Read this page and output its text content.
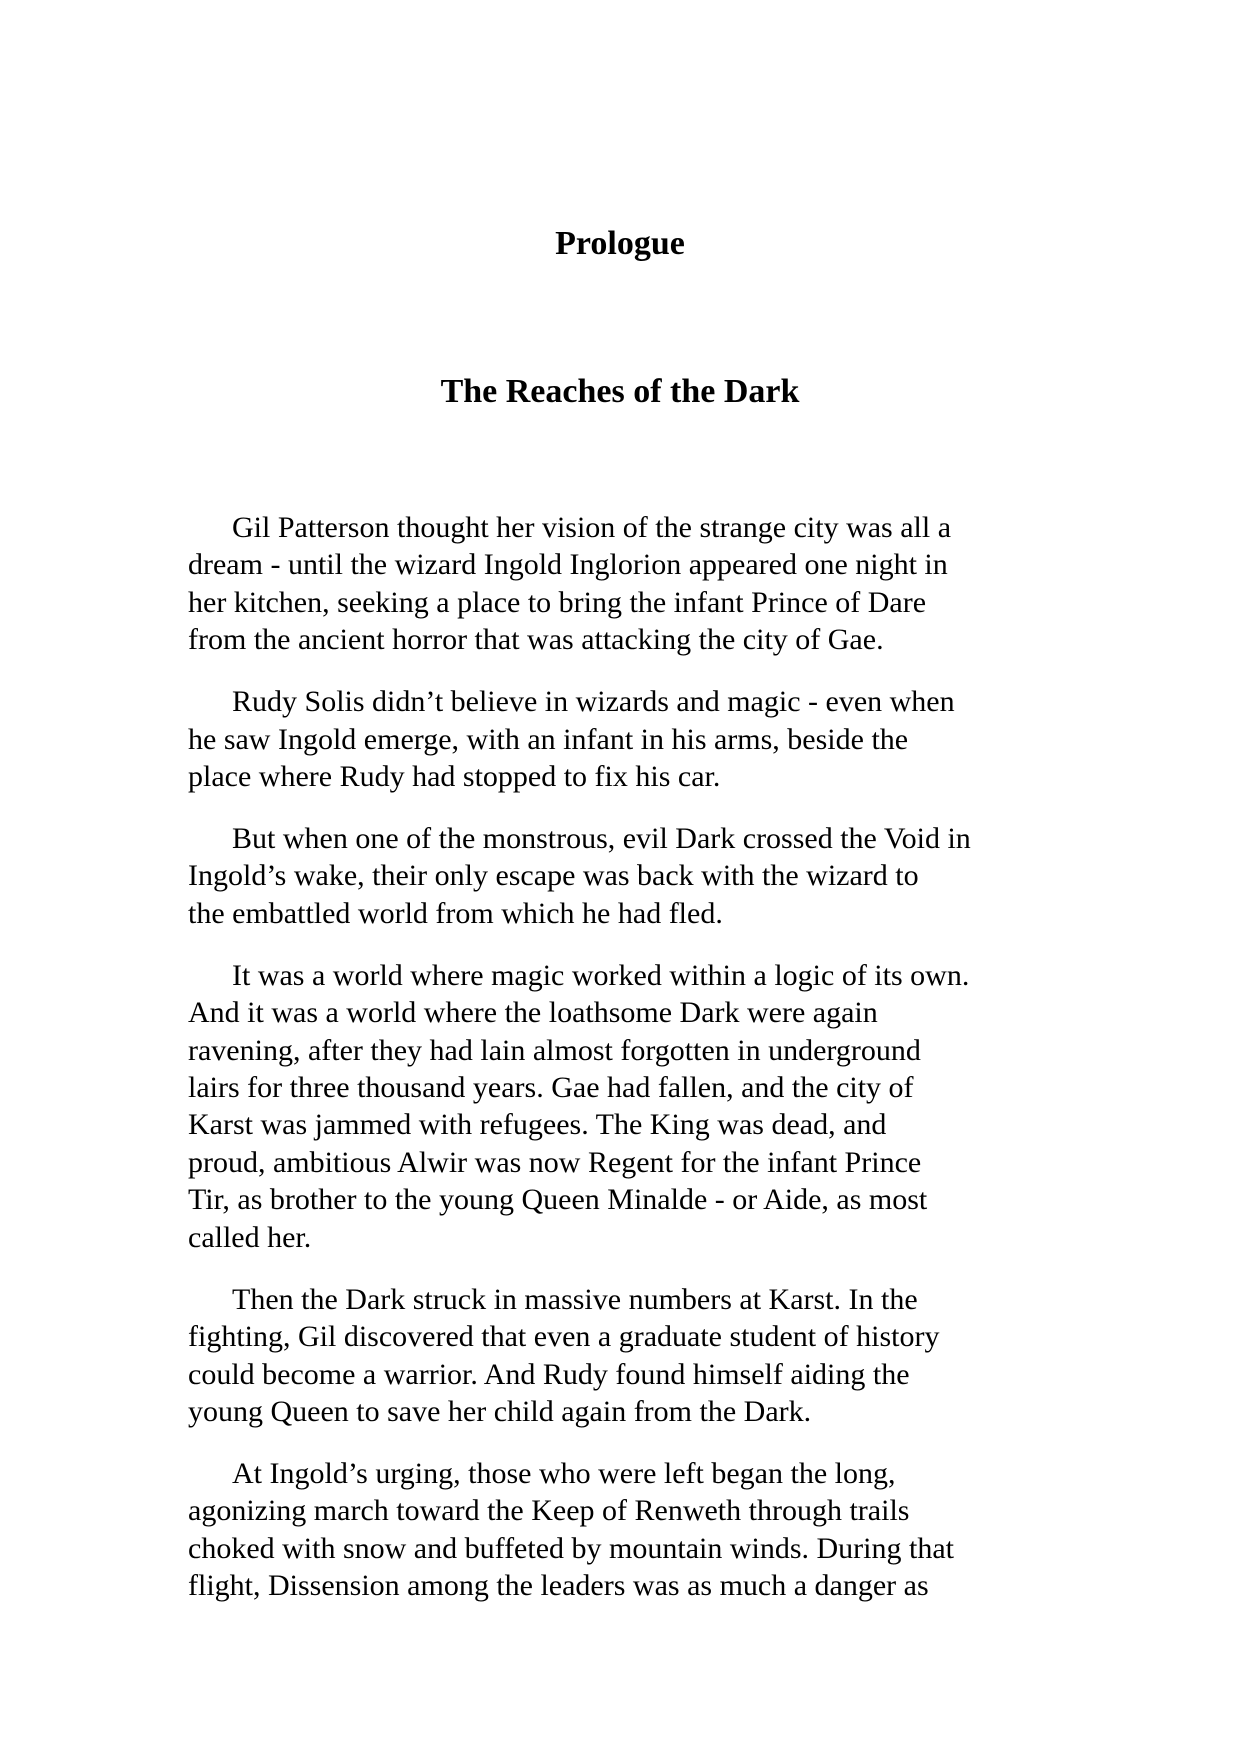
Prologue
The Reaches of the Dark

Gil Patterson thought her vision of the strange city was all a
dream - until the wizard Ingold Inglorion appeared one night in
her kitchen, seeking a place to bring the infant Prince of Dare
from the ancient horror that was attacking the city of Gae.

Rudy Solis didn’t believe in wizards and magic - even when
he saw Ingold emerge, with an infant in his arms, beside the
place where Rudy had stopped to fix his car.

But when one of the monstrous, evil Dark crossed the Void in
Ingold’s wake, their only escape was back with the wizard to
the embattled world from which he had fled.

It was a world where magic worked within a logic of its own.
And it was a world where the loathsome Dark were again
ravening, after they had lain almost forgotten in underground
lairs for three thousand years. Gae had fallen, and the city of
Karst was jammed with refugees. The King was dead, and
proud, ambitious Alwir was now Regent for the infant Prince
Tir, as brother to the young Queen Minalde - or Aide, as most
called her.

Then the Dark struck in massive numbers at Karst. In the
fighting, Gil discovered that even a graduate student of history
could become a warrior. And Rudy found himself aiding the
young Queen to save her child again from the Dark.

At Ingold’s urging, those who were left began the long,
agonizing march toward the Keep of Renweth through trails
choked with snow and buffeted by mountain winds. During that
flight, Dissension among the leaders was as much a danger as
